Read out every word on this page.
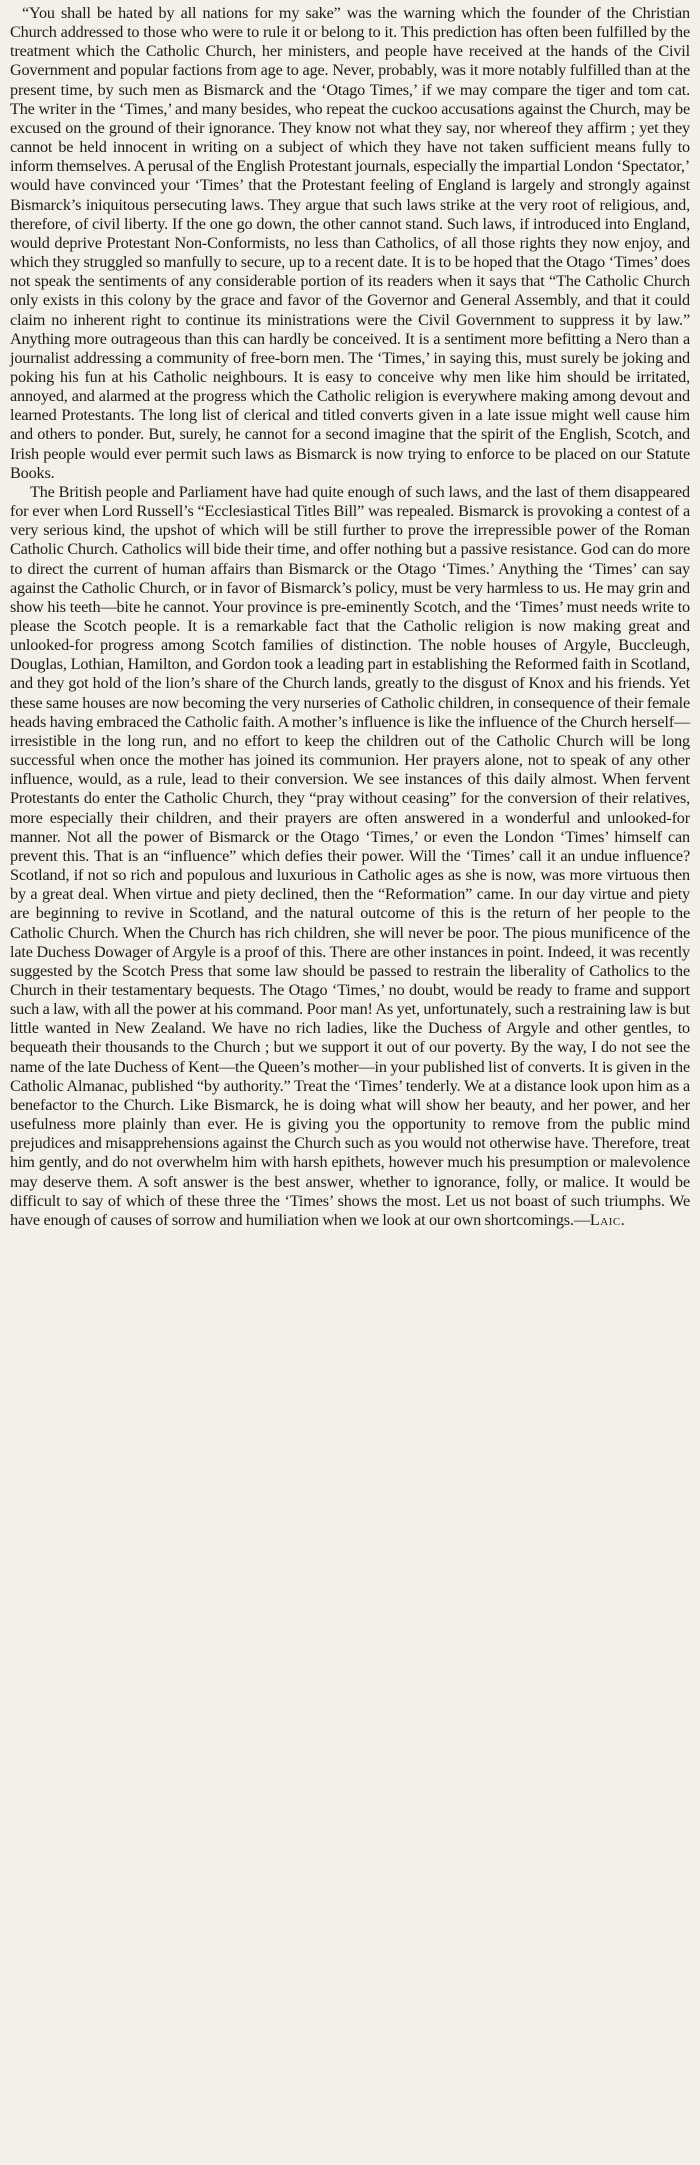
“You shall be hated by all nations for my sake” was the warning which the founder of the Christian Church addressed to those who were to rule it or belong to it. This prediction has often been fulfilled by the treatment which the Catholic Church, her ministers, and people have received at the hands of the Civil Government and popular factions from age to age. Never, probably, was it more notably fulfilled than at the present time, by such men as Bismarck and the ‘Otago Times,’ if we may compare the tiger and tom cat. The writer in the ‘Times,’ and many besides, who repeat the cuckoo accusations against the Church, may be excused on the ground of their ignorance. They know not what they say, nor whereof they affirm ; yet they cannot be held innocent in writing on a subject of which they have not taken sufficient means fully to inform themselves. A perusal of the English Protestant journals, especially the impartial London ‘Spectator,’ would have convinced your ‘Times’ that the Protestant feeling of England is largely and strongly against Bismarck’s iniquitous persecuting laws. They argue that such laws strike at the very root of religious, and, therefore, of civil liberty. If the one go down, the other cannot stand. Such laws, if introduced into England, would deprive Protestant Non-Conformists, no less than Catholics, of all those rights they now enjoy, and which they struggled so manfully to secure, up to a recent date. It is to be hoped that the Otago ‘Times’ does not speak the sentiments of any considerable portion of its readers when it says that “The Catholic Church only exists in this colony by the grace and favor of the Governor and General Assembly, and that it could claim no inherent right to continue its ministrations were the Civil Government to suppress it by law.” Anything more outrageous than this can hardly be conceived. It is a sentiment more befitting a Nero than a journalist addressing a community of free-born men. The ‘Times,’ in saying this, must surely be joking and poking his fun at his Catholic neighbours. It is easy to conceive why men like him should be irritated, annoyed, and alarmed at the progress which the Catholic religion is everywhere making among devout and learned Protestants. The long list of clerical and titled converts given in a late issue might well cause him and others to ponder. But, surely, he cannot for a second imagine that the spirit of the English, Scotch, and Irish people would ever permit such laws as Bismarck is now trying to enforce to be placed on our Statute Books.

The British people and Parliament have had quite enough of such laws, and the last of them disappeared for ever when Lord Russell’s “Ecclesiastical Titles Bill” was repealed. Bismarck is provoking a contest of a very serious kind, the upshot of which will be still further to prove the irrepressible power of the Roman Catholic Church. Catholics will bide their time, and offer nothing but a passive resistance. God can do more to direct the current of human affairs than Bismarck or the Otago ‘Times.’ Anything the ‘Times’ can say against the Catholic Church, or in favor of Bismarck’s policy, must be very harmless to us. He may grin and show his teeth—bite he cannot. Your province is pre-eminently Scotch, and the ‘Times’ must needs write to please the Scotch people. It is a remarkable fact that the Catholic religion is now making great and unlooked-for progress among Scotch families of distinction. The noble houses of Argyle, Buccleugh, Douglas, Lothian, Hamilton, and Gordon took a leading part in establishing the Reformed faith in Scotland, and they got hold of the lion’s share of the Church lands, greatly to the disgust of Knox and his friends. Yet these same houses are now becoming the very nurseries of Catholic children, in consequence of their female heads having embraced the Catholic faith. A mother’s influence is like the influence of the Church herself—irresistible in the long run, and no effort to keep the children out of the Catholic Church will be long successful when once the mother has joined its communion. Her prayers alone, not to speak of any other influence, would, as a rule, lead to their conversion. We see instances of this daily almost. When fervent Protestants do enter the Catholic Church, they “pray without ceasing” for the conversion of their relatives, more especially their children, and their prayers are often answered in a wonderful and unlooked-for manner. Not all the power of Bismarck or the Otago ‘Times,’ or even the London ‘Times’ himself can prevent this. That is an “influence” which defies their power. Will the ‘Times’ call it an undue influence? Scotland, if not so rich and populous and luxurious in Catholic ages as she is now, was more virtuous then by a great deal. When virtue and piety declined, then the “Reformation” came. In our day virtue and piety are beginning to revive in Scotland, and the natural outcome of this is the return of her people to the Catholic Church. When the Church has rich children, she will never be poor. The pious munificence of the late Duchess Dowager of Argyle is a proof of this. There are other instances in point. Indeed, it was recently suggested by the Scotch Press that some law should be passed to restrain the liberality of Catholics to the Church in their testamentary bequests. The Otago ‘Times,’ no doubt, would be ready to frame and support such a law, with all the power at his command. Poor man! As yet, unfortunately, such a restraining law is but little wanted in New Zealand. We have no rich ladies, like the Duchess of Argyle and other gentles, to bequeath their thousands to the Church ; but we support it out of our poverty. By the way, I do not see the name of the late Duchess of Kent—the Queen’s mother—in your published list of converts. It is given in the Catholic Almanac, published “by authority.” Treat the ‘Times’ tenderly. We at a distance look upon him as a benefactor to the Church. Like Bismarck, he is doing what will show her beauty, and her power, and her usefulness more plainly than ever. He is giving you the opportunity to remove from the public mind prejudices and misapprehensions against the Church such as you would not otherwise have. Therefore, treat him gently, and do not overwhelm him with harsh epithets, however much his presumption or malevolence may deserve them. A soft answer is the best answer, whether to ignorance, folly, or malice. It would be difficult to say of which of these three the ‘Times’ shows the most. Let us not boast of such triumphs. We have enough of causes of sorrow and humiliation when we look at our own shortcomings.—Laic.
